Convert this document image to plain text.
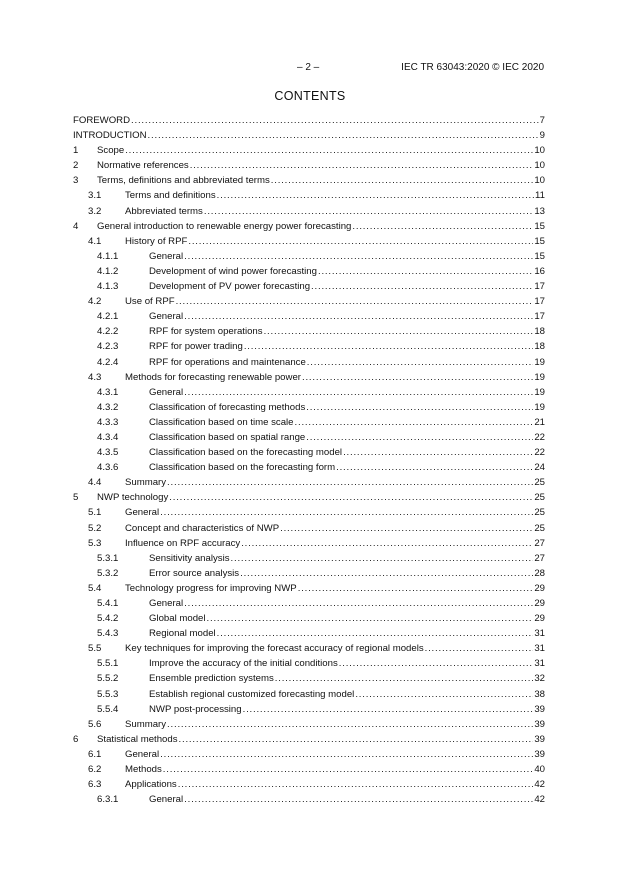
– 2 –	IEC TR 63043:2020 © IEC 2020
CONTENTS
FOREWORD .....	7
INTRODUCTION .....	9
1 Scope .....	10
2 Normative references .....	10
3 Terms, definitions and abbreviated terms .....	10
3.1 Terms and definitions .....	11
3.2 Abbreviated terms .....	13
4 General introduction to renewable energy power forecasting .....	15
4.1 History of RPF .....	15
4.1.1	General .....	15
4.1.2	Development of wind power forecasting .....	16
4.1.3	Development of PV power forecasting .....	17
4.2 Use of RPF .....	17
4.2.1	General .....	17
4.2.2	RPF for system operations .....	18
4.2.3	RPF for power trading .....	18
4.2.4	RPF for operations and maintenance .....	19
4.3 Methods for forecasting renewable power .....	19
4.3.1	General .....	19
4.3.2	Classification of forecasting methods .....	19
4.3.3	Classification based on time scale .....	21
4.3.4	Classification based on spatial range .....	22
4.3.5	Classification based on the forecasting model .....	22
4.3.6	Classification based on the forecasting form .....	24
4.4 Summary .....	25
5 NWP technology .....	25
5.1 General .....	25
5.2 Concept and characteristics of NWP .....	25
5.3 Influence on RPF accuracy .....	27
5.3.1	Sensitivity analysis .....	27
5.3.2	Error source analysis .....	28
5.4 Technology progress for improving NWP .....	29
5.4.1	General .....	29
5.4.2	Global model .....	29
5.4.3	Regional model .....	31
5.5 Key techniques for improving the forecast accuracy of regional models .....	31
5.5.1	Improve the accuracy of the initial conditions .....	31
5.5.2	Ensemble prediction systems .....	32
5.5.3	Establish regional customized forecasting model .....	38
5.5.4	NWP post-processing .....	39
5.6 Summary .....	39
6 Statistical methods .....	39
6.1 General .....	39
6.2 Methods .....	40
6.3 Applications .....	42
6.3.1	General .....	42
